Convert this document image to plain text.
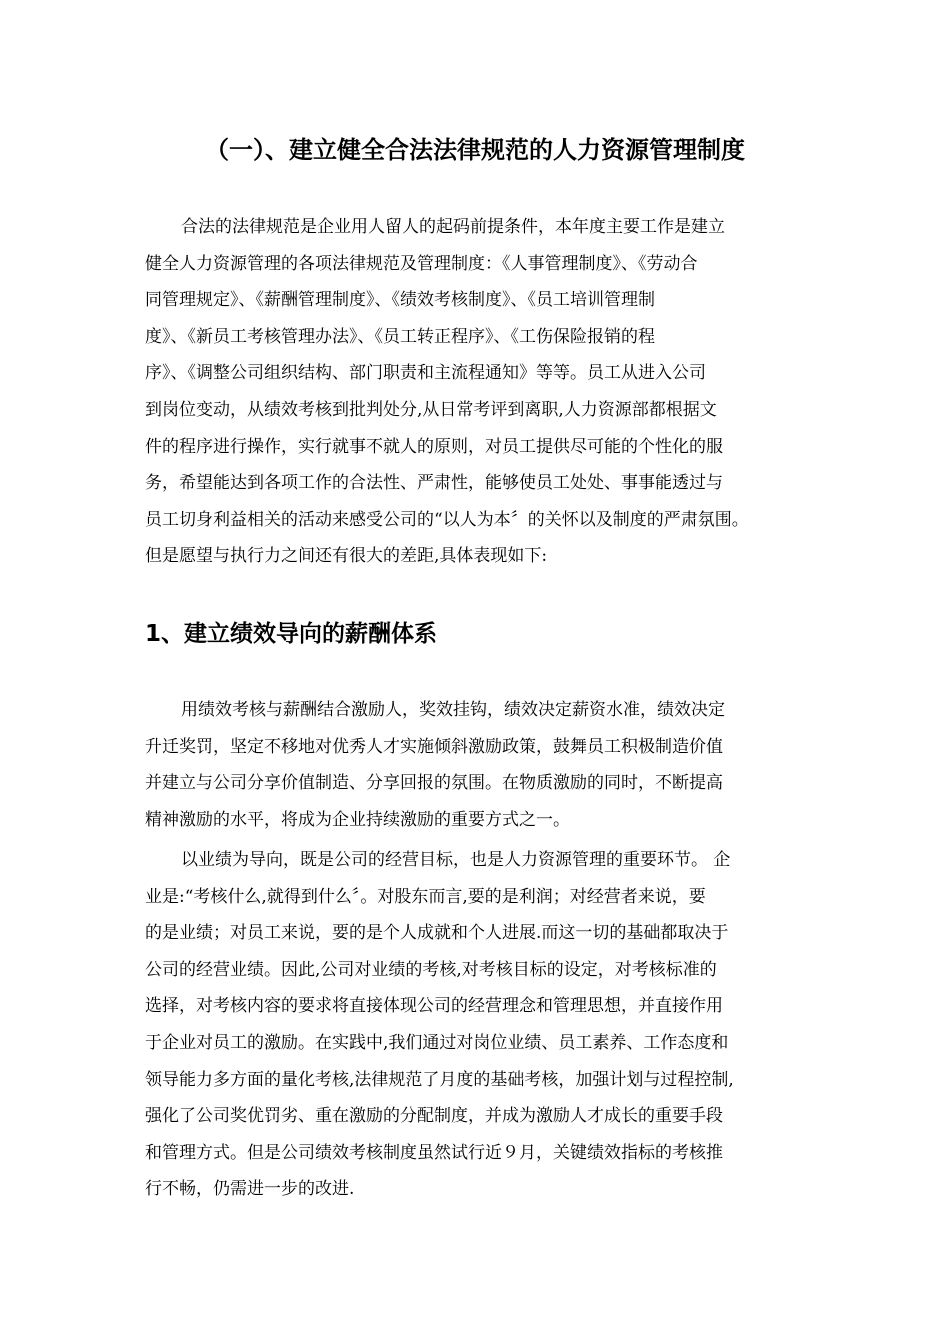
（一）、建立健全合法法律规范的人力资源管理制度
合法的法律规范是企业用人留人的起码前提条件，本年度主要工作是建立
健全人力资源管理的各项法律规范及管理制度：《人事管理制度》、《劳动合
同管理规定》、《薪酬管理制度》、《绩效考核制度》、《员工培训管理制
度》、《新员工考核管理办法》、《员工转正程序》、《工伤保险报销的程
序》、《调整公司组织结构、部门职责和主流程通知》等等。员工从进入公司
到岗位变动，从绩效考核到批判处分,从日常考评到离职,人力资源部都根据文
件的程序进行操作，实行就事不就人的原则，对员工提供尽可能的个性化的服
务，希望能达到各项工作的合法性、严肃性，能够使员工处处、事事能透过与
员工切身利益相关的活动来感受公司的“以人为本〞的关怀以及制度的严肃氛围。
但是愿望与执行力之间还有很大的差距,具体表现如下:
1、建立绩效导向的薪酬体系
用绩效考核与薪酬结合激励人，奖效挂钩，绩效决定薪资水准，绩效决定
升迁奖罚，坚定不移地对优秀人才实施倾斜激励政策，鼓舞员工积极制造价值
并建立与公司分享价值制造、分享回报的氛围。在物质激励的同时，不断提高
精神激励的水平，将成为企业持续激励的重要方式之一。
以业绩为导向，既是公司的经营目标，也是人力资源管理的重要环节。 企
业是:“考核什么,就得到什么〞。对股东而言,要的是利润；对经营者来说，要
的是业绩；对员工来说，要的是个人成就和个人进展.而这一切的基础都取决于
公司的经营业绩。因此,公司对业绩的考核,对考核目标的设定，对考核标准的
选择，对考核内容的要求将直接体现公司的经营理念和管理思想，并直接作用
于企业对员工的激励。在实践中,我们通过对岗位业绩、员工素养、工作态度和
领导能力多方面的量化考核,法律规范了月度的基础考核，加强计划与过程控制,
强化了公司奖优罚劣、重在激励的分配制度，并成为激励人才成长的重要手段
和管理方式。但是公司绩效考核制度虽然试行近９月，关键绩效指标的考核推
行不畅，仍需进一步的改进.
